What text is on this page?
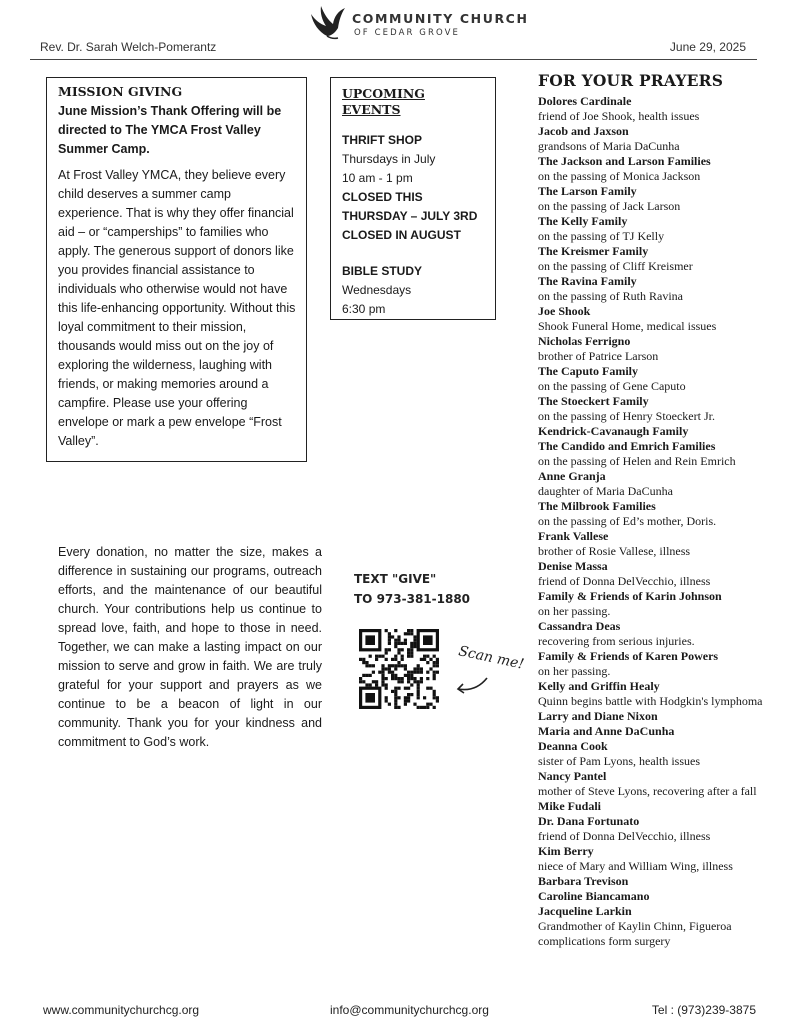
COMMUNITY CHURCH
OF CEDAR GROVE
Rev. Dr. Sarah Welch-Pomerantz	June 29, 2025
MISSION GIVING
June Mission’s Thank Offering will be directed to The YMCA Frost Valley Summer Camp.
At Frost Valley YMCA, they believe every child deserves a summer camp experience. That is why they offer financial aid – or “camperships” to families who apply. The generous support of donors like you provides financial assistance to individuals who otherwise would not have this life-enhancing opportunity. Without this loyal commitment to their mission, thousands would miss out on the joy of exploring the wilderness, laughing with friends, or making memories around a campfire. Please use your offering envelope or mark a pew envelope “Frost Valley”.
UPCOMING EVENTS
THRIFT SHOP
Thursdays in July
10 am - 1 pm
CLOSED THIS THURSDAY – JULY 3RD
CLOSED IN AUGUST
BIBLE STUDY
Wednesdays
6:30 pm
Every donation, no matter the size, makes a difference in sustaining our programs, outreach efforts, and the maintenance of our beautiful church. Your contributions help us continue to spread love, faith, and hope to those in need. Together, we can make a lasting impact on our mission to serve and grow in faith. We are truly grateful for your support and prayers as we continue to be a beacon of light in our community. Thank you for your kindness and commitment to God’s work.
TEXT "GIVE"
TO 973-381-1880
Scan me!
FOR YOUR PRAYERS
Dolores Cardinale
friend of Joe Shook, health issues
Jacob and Jaxson
grandsons of Maria DaCunha
The Jackson and Larson Families
on the passing of Monica Jackson
The Larson Family
on the passing of Jack Larson
The Kelly Family
on the passing of TJ Kelly
The Kreismer Family
on the passing of Cliff Kreismer
The Ravina Family
on the passing of Ruth Ravina
Joe Shook
Shook Funeral Home, medical issues
Nicholas Ferrigno
brother of Patrice Larson
The Caputo Family
on the passing of Gene Caputo
The Stoeckert Family
on the passing of Henry Stoeckert Jr.
Kendrick-Cavanaugh Family
The Candido and Emrich Families
on the passing of Helen and Rein Emrich
Anne Granja
daughter of Maria DaCunha
The Milbrook Families
on the passing of Ed’s mother, Doris.
Frank Vallese
brother of Rosie Vallese, illness
Denise Massa
friend of Donna DelVecchio, illness
Family & Friends of Karin Johnson
on her passing.
Cassandra Deas
recovering from serious injuries.
Family & Friends of Karen Powers
on her passing.
Kelly and Griffin Healy
Quinn begins battle with Hodgkin's lymphoma
Larry and Diane Nixon
Maria and Anne DaCunha
Deanna Cook
sister of Pam Lyons, health issues
Nancy Pantel
mother of Steve Lyons, recovering after a fall
Mike Fudali
Dr. Dana Fortunato
friend of Donna DelVecchio, illness
Kim Berry
niece of Mary and William Wing, illness
Barbara Trevison
Caroline Biancamano
Jacqueline Larkin
Grandmother of Kaylin Chinn, Figueroa complications form surgery
www.communitychurchcg.org	info@communitychurchcg.org	Tel : (973)239-3875
